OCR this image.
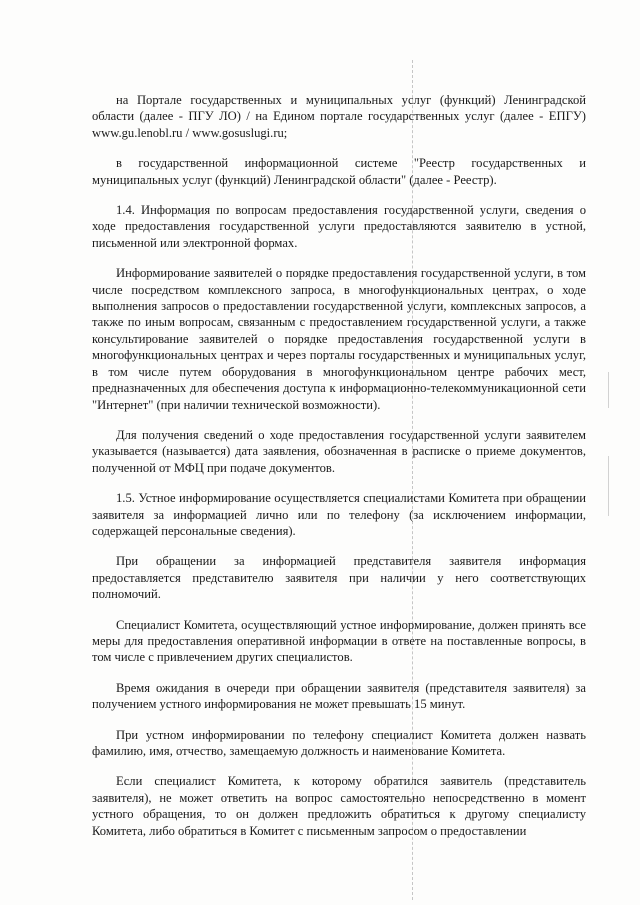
на Портале государственных и муниципальных услуг (функций) Ленинградской области (далее - ПГУ ЛО) / на Едином портале государственных услуг (далее - ЕПГУ) www.gu.lenobl.ru / www.gosuslugi.ru;

в государственной информационной системе "Реестр государственных и муниципальных услуг (функций) Ленинградской области" (далее - Реестр).

1.4. Информация по вопросам предоставления государственной услуги, сведения о ходе предоставления государственной услуги предоставляются заявителю в устной, письменной или электронной формах.

Информирование заявителей о порядке предоставления государственной услуги, в том числе посредством комплексного запроса, в многофункциональных центрах, о ходе выполнения запросов о предоставлении государственной услуги, комплексных запросов, а также по иным вопросам, связанным с предоставлением государственной услуги, а также консультирование заявителей о порядке предоставления государственной услуги в многофункциональных центрах и через порталы государственных и муниципальных услуг, в том числе путем оборудования в многофункциональном центре рабочих мест, предназначенных для обеспечения доступа к информационно-телекоммуникационной сети "Интернет" (при наличии технической возможности).

Для получения сведений о ходе предоставления государственной услуги заявителем указывается (называется) дата заявления, обозначенная в расписке о приеме документов, полученной от МФЦ при подаче документов.

1.5. Устное информирование осуществляется специалистами Комитета при обращении заявителя за информацией лично или по телефону (за исключением информации, содержащей персональные сведения).

При обращении за информацией представителя заявителя информация предоставляется представителю заявителя при наличии у него соответствующих полномочий.

Специалист Комитета, осуществляющий устное информирование, должен принять все меры для предоставления оперативной информации в ответе на поставленные вопросы, в том числе с привлечением других специалистов.

Время ожидания в очереди при обращении заявителя (представителя заявителя) за получением устного информирования не может превышать 15 минут.

При устном информировании по телефону специалист Комитета должен назвать фамилию, имя, отчество, замещаемую должность и наименование Комитета.

Если специалист Комитета, к которому обратился заявитель (представитель заявителя), не может ответить на вопрос самостоятельно непосредственно в момент устного обращения, то он должен предложить обратиться к другому специалисту Комитета, либо обратиться в Комитет с письменным запросом о предоставлении
